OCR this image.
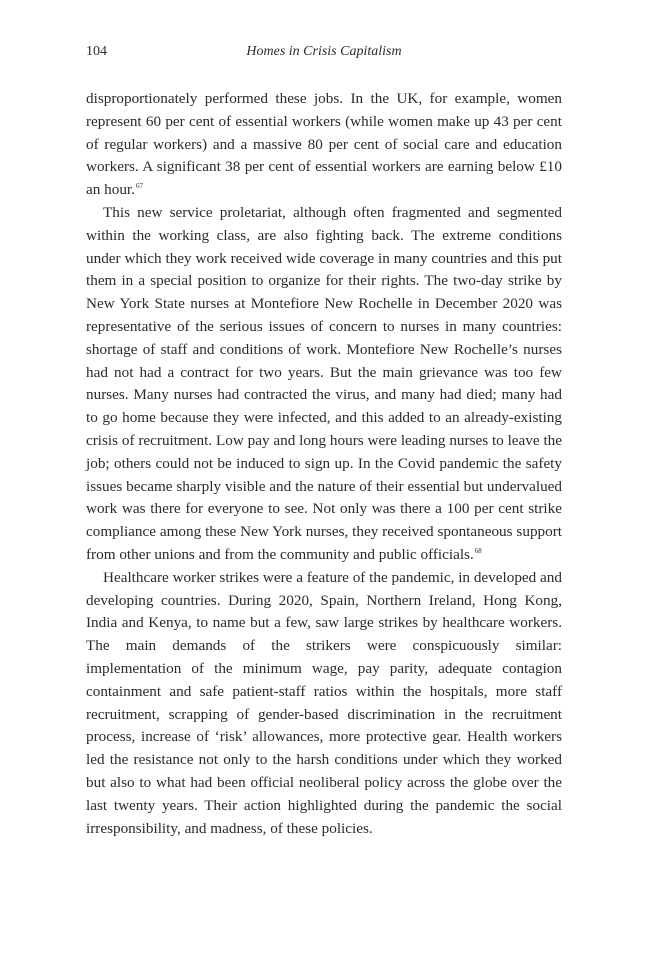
104	Homes in Crisis Capitalism

disproportionately performed these jobs. In the UK, for example, women represent 60 per cent of essential workers (while women make up 43 per cent of regular workers) and a massive 80 per cent of social care and education workers. A significant 38 per cent of essential workers are earning below £10 an hour.$^{67}$

This new service proletariat, although often fragmented and segmented within the working class, are also fighting back. The extreme conditions under which they work received wide coverage in many countries and this put them in a special position to organize for their rights. The two-day strike by New York State nurses at Montefiore New Rochelle in December 2020 was representative of the serious issues of concern to nurses in many countries: shortage of staff and conditions of work. Montefiore New Rochelle’s nurses had not had a contract for two years. But the main grievance was too few nurses. Many nurses had contracted the virus, and many had died; many had to go home because they were infected, and this added to an already-existing crisis of recruitment. Low pay and long hours were leading nurses to leave the job; others could not be induced to sign up. In the Covid pandemic the safety issues became sharply visible and the nature of their essential but undervalued work was there for everyone to see. Not only was there a 100 per cent strike compliance among these New York nurses, they received spontaneous support from other unions and from the community and public officials.$^{68}$

Healthcare worker strikes were a feature of the pandemic, in developed and developing countries. During 2020, Spain, Northern Ireland, Hong Kong, India and Kenya, to name but a few, saw large strikes by healthcare workers. The main demands of the strikers were conspicuously similar: implementation of the minimum wage, pay parity, adequate contagion containment and safe patient-staff ratios within the hospitals, more staff recruitment, scrapping of gender-based discrimination in the recruitment process, increase of ‘risk’ allowances, more protective gear. Health workers led the resistance not only to the harsh conditions under which they worked but also to what had been official neoliberal policy across the globe over the last twenty years. Their action highlighted during the pandemic the social irresponsibility, and madness, of these policies.
